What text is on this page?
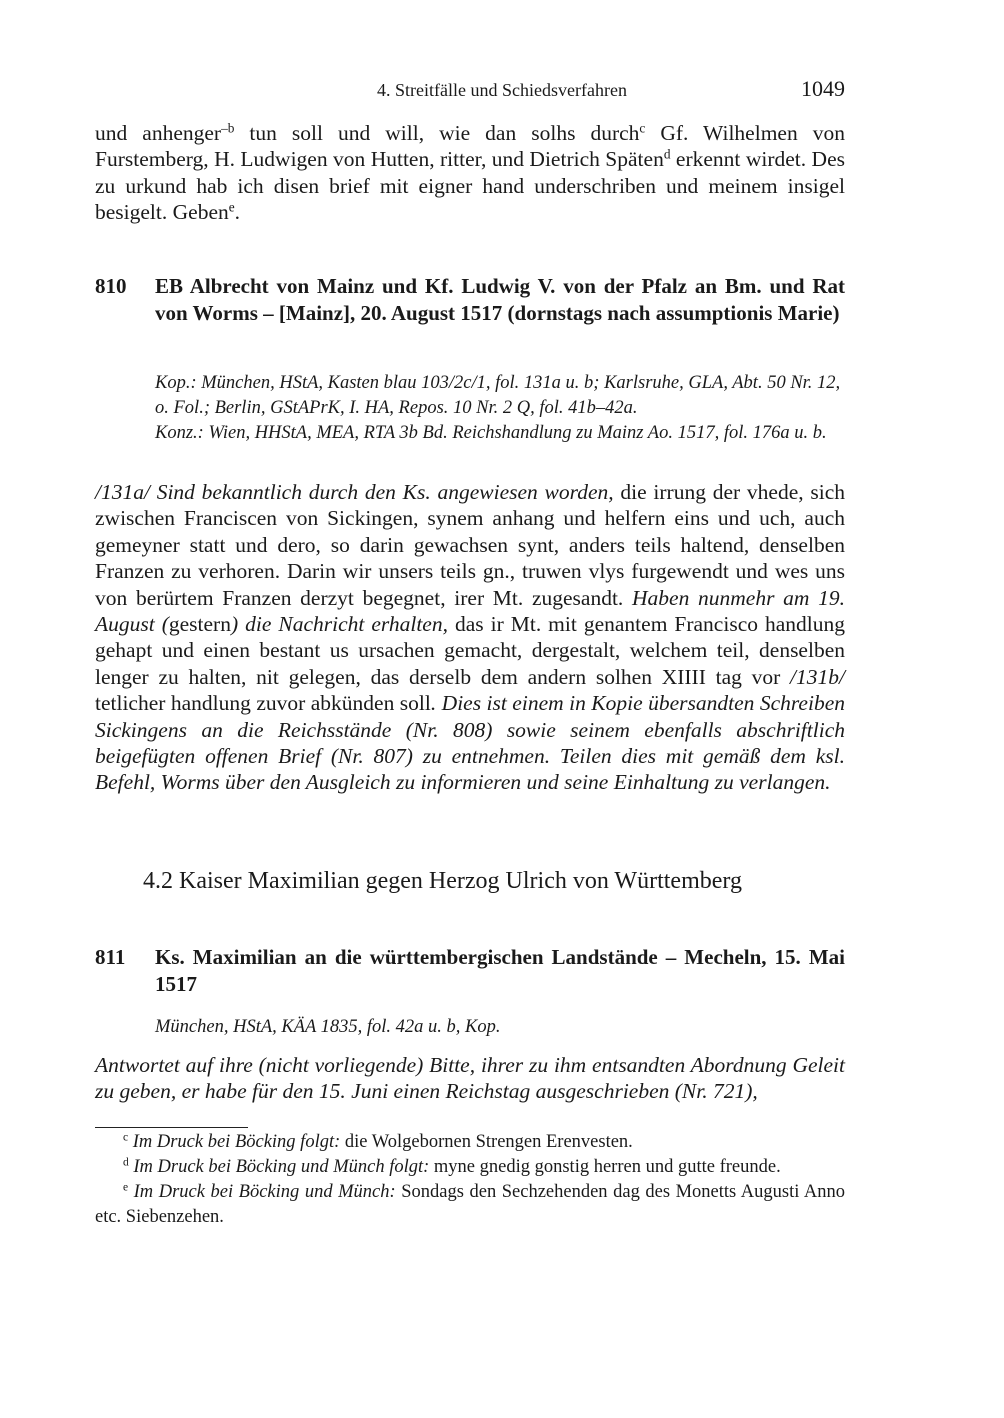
4. Streitfälle und Schiedsverfahren	1049
und anhenger$^{-b}$ tun soll und will, wie dan solhs durch$^c$ Gf. Wilhelmen von Furstemberg, H. Ludwigen von Hutten, ritter, und Dietrich Späten$^d$ erkennt wirdet. Des zu urkund hab ich disen brief mit eigner hand underschriben und meinem insigel besigelt. Geben$^e$.
810 EB Albrecht von Mainz und Kf. Ludwig V. von der Pfalz an Bm. und Rat von Worms – [Mainz], 20. August 1517 (dornstags nach assumptionis Marie)
Kop.: München, HStA, Kasten blau 103/2c/1, fol. 131a u. b; Karlsruhe, GLA, Abt. 50 Nr. 12, o. Fol.; Berlin, GStAPrK, I. HA, Repos. 10 Nr. 2 Q, fol. 41b–42a.
Konz.: Wien, HHStA, MEA, RTA 3b Bd. Reichshandlung zu Mainz Ao. 1517, fol. 176a u. b.
/131a/ Sind bekanntlich durch den Ks. angewiesen worden, die irrung der vhede, sich zwischen Franciscen von Sickingen, synem anhang und helfern eins und uch, auch gemeyner statt und dero, so darin gewachsen synt, anders teils haltend, denselben Franzen zu verhoren. Darin wir unsers teils gn., truwen vlys furgewendt und wes uns von berürtem Franzen derzyt begegnet, irer Mt. zugesandt. Haben nunmehr am 19. August (gestern) die Nachricht erhalten, das ir Mt. mit genantem Francisco handlung gehapt und einen bestant us ursachen gemacht, dergestalt, welchem teil, denselben lenger zu halten, nit gelegen, das derselb dem andern solhen XIIII tag vor /131b/ tetlicher handlung zuvor abkünden soll. Dies ist einem in Kopie übersandten Schreiben Sickingens an die Reichsstände (Nr. 808) sowie seinem ebenfalls abschriftlich beigefügten offenen Brief (Nr. 807) zu entnehmen. Teilen dies mit gemäß dem ksl. Befehl, Worms über den Ausgleich zu informieren und seine Einhaltung zu verlangen.
4.2 Kaiser Maximilian gegen Herzog Ulrich von Württemberg
811 Ks. Maximilian an die württembergischen Landstände – Mecheln, 15. Mai 1517
München, HStA, KÄA 1835, fol. 42a u. b, Kop.
Antwortet auf ihre (nicht vorliegende) Bitte, ihrer zu ihm entsandten Abordnung Geleit zu geben, er habe für den 15. Juni einen Reichstag ausgeschrieben (Nr. 721),
$^c$ Im Druck bei Böcking folgt: die Wolgebornen Strengen Erenvesten.
$^d$ Im Druck bei Böcking und Münch folgt: myne gnedig gonstig herren und gutte freunde.
$^e$ Im Druck bei Böcking und Münch: Sondags den Sechzehenden dag des Monetts Augusti Anno etc. Siebenzehen.
